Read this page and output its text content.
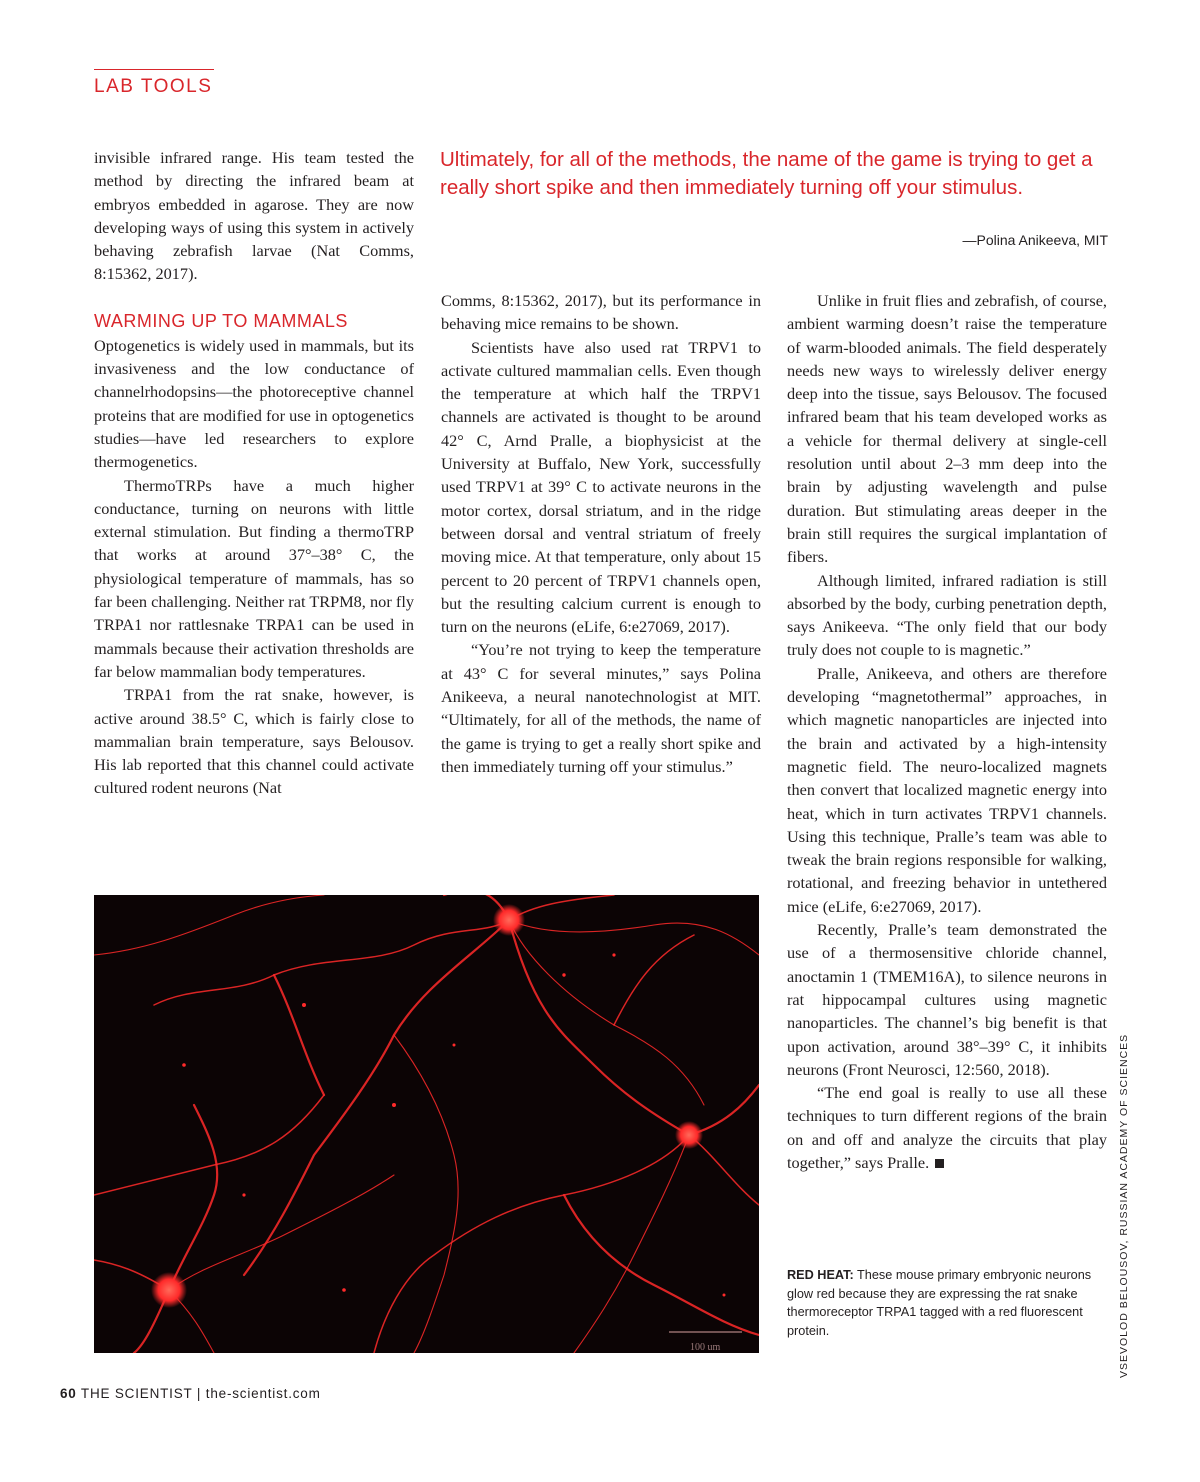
LAB TOOLS
Ultimately, for all of the methods, the name of the game is trying to get a really short spike and then immediately turning off your stimulus.
—Polina Anikeeva, MIT

invisible infrared range. His team tested the method by directing the infrared beam at embryos embedded in agarose. They are now developing ways of using this system in actively behaving zebrafish larvae (Nat Comms, 8:15362, 2017).

WARMING UP TO MAMMALS

Optogenetics is widely used in mammals, but its invasiveness and the low conductance of channelrhodopsins—the photoreceptive channel proteins that are modified for use in optogenetics studies—have led researchers to explore thermogenetics.

ThermoTRPs have a much higher conductance, turning on neurons with little external stimulation. But finding a thermoTRP that works at around 37°–38° C, the physiological temperature of mammals, has so far been challenging. Neither rat TRPM8, nor fly TRPA1 nor rattlesnake TRPA1 can be used in mammals because their activation thresholds are far below mammalian body temperatures.

TRPA1 from the rat snake, however, is active around 38.5° C, which is fairly close to mammalian brain temperature, says Belousov. His lab reported that this channel could activate cultured rodent neurons (Nat

Comms, 8:15362, 2017), but its performance in behaving mice remains to be shown.

Scientists have also used rat TRPV1 to activate cultured mammalian cells. Even though the temperature at which half the TRPV1 channels are activated is thought to be around 42° C, Arnd Pralle, a biophysicist at the University at Buffalo, New York, successfully used TRPV1 at 39° C to activate neurons in the motor cortex, dorsal striatum, and in the ridge between dorsal and ventral striatum of freely moving mice. At that temperature, only about 15 percent to 20 percent of TRPV1 channels open, but the resulting calcium current is enough to turn on the neurons (eLife, 6:e27069, 2017).

“You’re not trying to keep the temperature at 43° C for several minutes,” says Polina Anikeeva, a neural nanotechnologist at MIT. “Ultimately, for all of the methods, the name of the game is trying to get a really short spike and then immediately turning off your stimulus.”

Unlike in fruit flies and zebrafish, of course, ambient warming doesn’t raise the temperature of warm-blooded animals. The field desperately needs new ways to wirelessly deliver energy deep into the tissue, says Belousov. The focused infrared beam that his team developed works as a vehicle for thermal delivery at single-cell resolution until about 2–3 mm deep into the brain by adjusting wavelength and pulse duration. But stimulating areas deeper in the brain still requires the surgical implantation of fibers.

Although limited, infrared radiation is still absorbed by the body, curbing penetration depth, says Anikeeva. “The only field that our body truly does not couple to is magnetic.”

Pralle, Anikeeva, and others are therefore developing “magnetothermal” approaches, in which magnetic nanoparticles are injected into the brain and activated by a high-intensity magnetic field. The neuro-localized magnets then convert that localized magnetic energy into heat, which in turn activates TRPV1 channels. Using this technique, Pralle’s team was able to tweak the brain regions responsible for walking, rotational, and freezing behavior in untethered mice (eLife, 6:e27069, 2017).

Recently, Pralle’s team demonstrated the use of a thermosensitive chloride channel, anoctamin 1 (TMEM16A), to silence neurons in rat hippocampal cultures using magnetic nanoparticles. The channel’s big benefit is that upon activation, around 38°–39° C, it inhibits neurons (Front Neurosci, 12:560, 2018).

“The end goal is really to use all these techniques to turn different regions of the brain on and off and analyze the circuits that play together,” says Pralle.

100 um
RED HEAT: These mouse primary embryonic neurons glow red because they are expressing the rat snake thermoreceptor TRPA1 tagged with a red fluorescent protein.	VSEVOLOD BELOUSOV, RUSSIAN ACADEMY OF SCIENCES
60 THE SCIENTIST | the-scientist.com
